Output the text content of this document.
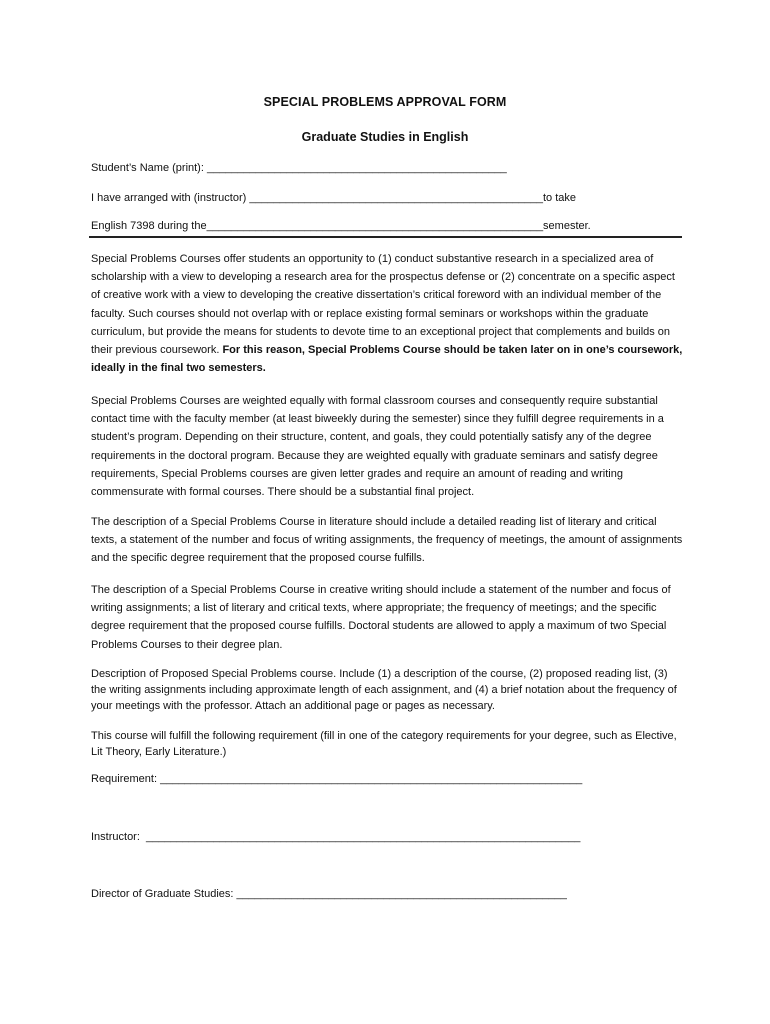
SPECIAL PROBLEMS APPROVAL FORM
Graduate Studies in English
Student’s Name (print): _________________________________________________
I have arranged with (instructor) ________________________________________________to take
English 7398 during the_______________________________________________________semester.
Special Problems Courses offer students an opportunity to (1) conduct substantive research in a specialized area of scholarship with a view to developing a research area for the prospectus defense or (2) concentrate on a specific aspect of creative work with a view to developing the creative dissertation’s critical foreword with an individual member of the faculty. Such courses should not overlap with or replace existing formal seminars or workshops within the graduate curriculum, but provide the means for students to devote time to an exceptional project that complements and builds on their previous coursework. For this reason, Special Problems Course should be taken later on in one’s coursework, ideally in the final two semesters.
Special Problems Courses are weighted equally with formal classroom courses and consequently require substantial contact time with the faculty member (at least biweekly during the semester) since they fulfill degree requirements in a student’s program. Depending on their structure, content, and goals, they could potentially satisfy any of the degree requirements in the doctoral program. Because they are weighted equally with graduate seminars and satisfy degree requirements, Special Problems courses are given letter grades and require an amount of reading and writing commensurate with formal courses. There should be a substantial final project.
The description of a Special Problems Course in literature should include a detailed reading list of literary and critical texts, a statement of the number and focus of writing assignments, the frequency of meetings, the amount of assignments and the specific degree requirement that the proposed course fulfills.
The description of a Special Problems Course in creative writing should include a statement of the number and focus of writing assignments; a list of literary and critical texts, where appropriate; the frequency of meetings; and the specific degree requirement that the proposed course fulfills. Doctoral students are allowed to apply a maximum of two Special Problems Courses to their degree plan.
Description of Proposed Special Problems course. Include (1) a description of the course, (2) proposed reading list, (3) the writing assignments including approximate length of each assignment, and (4) a brief notation about the frequency of your meetings with the professor. Attach an additional page or pages as necessary.
This course will fulfill the following requirement (fill in one of the category requirements for your degree, such as Elective, Lit Theory, Early Literature.)
Requirement: _____________________________________________________________________
Instructor:  _______________________________________________________________________
Director of Graduate Studies: ______________________________________________________
